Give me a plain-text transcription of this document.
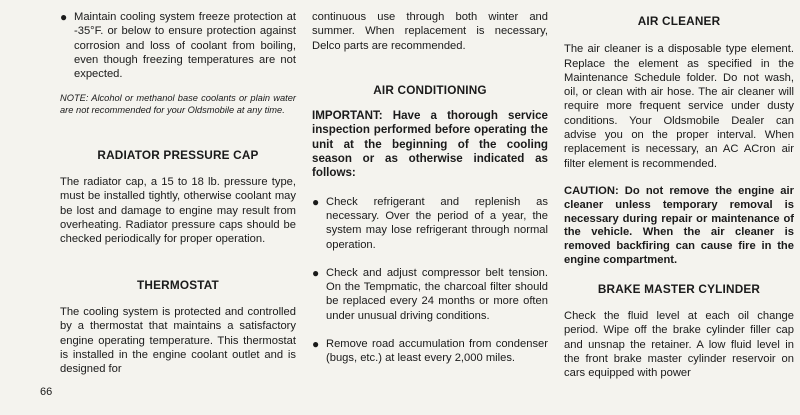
● Maintain cooling system freeze protection at -35°F. or below to ensure protection against corrosion and loss of coolant from boiling, even though freezing temperatures are not expected.

NOTE: Alcohol or methanol base coolants or plain water are not recommended for your Oldsmobile at any time.

RADIATOR PRESSURE CAP

The radiator cap, a 15 to 18 lb. pressure type, must be installed tightly, otherwise coolant may be lost and damage to engine may result from overheating. Radiator pressure caps should be checked periodically for proper operation.

THERMOSTAT

The cooling system is protected and controlled by a thermostat that maintains a satisfactory engine operating temperature. This thermostat is installed in the engine coolant outlet and is designed for

continuous use through both winter and summer. When replacement is necessary, Delco parts are recommended.

AIR CONDITIONING

IMPORTANT: Have a thorough service inspection performed before operating the unit at the beginning of the cooling season or as otherwise indicated as follows:

● Check refrigerant and replenish as necessary. Over the period of a year, the system may lose refrigerant through normal operation.
● Check and adjust compressor belt tension. On the Tempmatic, the charcoal filter should be replaced every 24 months or more often under unusual driving conditions.
● Remove road accumulation from condenser (bugs, etc.) at least every 2,000 miles.
AIR CLEANER

The air cleaner is a disposable type element. Replace the element as specified in the Maintenance Schedule folder. Do not wash, oil, or clean with air hose. The air cleaner will require more frequent service under dusty conditions. Your Oldsmobile Dealer can advise you on the proper interval. When replacement is necessary, an AC ACron air filter element is recommended.

CAUTION: Do not remove the engine air cleaner unless temporary removal is necessary during repair or maintenance of the vehicle. When the air cleaner is removed backfiring can cause fire in the engine compartment.

BRAKE MASTER CYLINDER

Check the fluid level at each oil change period. Wipe off the brake cylinder filler cap and unsnap the retainer. A low fluid level in the front brake master cylinder reservoir on cars equipped with power

66
